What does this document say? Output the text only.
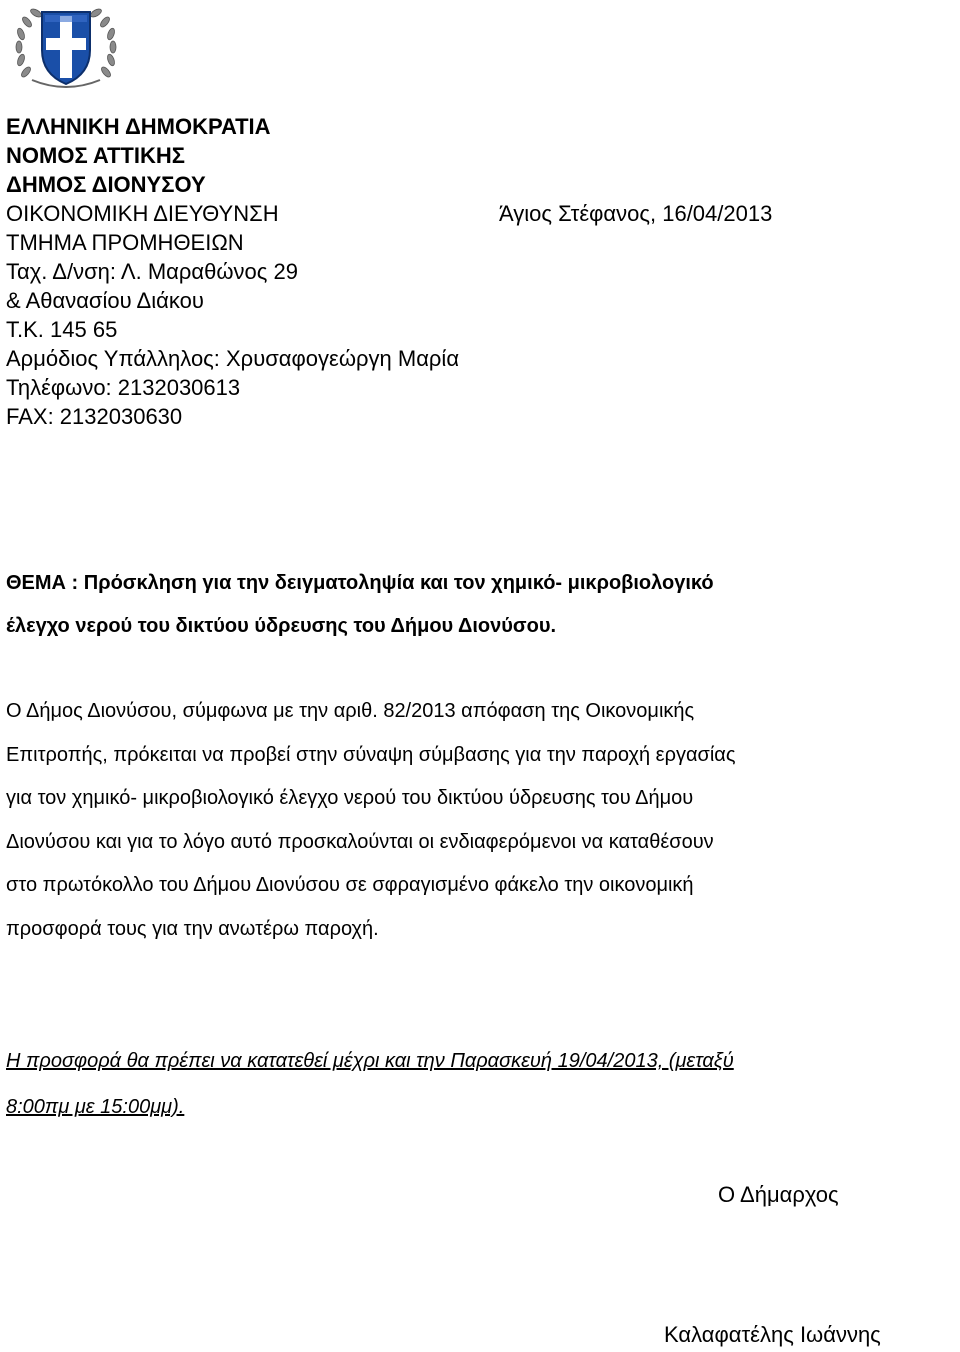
ΕΛΛΗΝΙΚΗ ΔΗΜΟΚΡΑΤΙΑ
ΝΟΜΟΣ ΑΤΤΙΚΗΣ
ΔΗΜΟΣ ΔΙΟΝΥΣΟΥ
ΟΙΚΟΝΟΜΙΚΗ ΔΙΕΥΘΥΝΣΗ
ΤΜΗΜΑ ΠΡΟΜΗΘΕΙΩΝ
Ταχ. Δ/νση: Λ. Μαραθώνος 29
& Αθανασίου Διάκου
Τ.Κ. 145 65
Αρμόδιος Υπάλληλος: Χρυσαφογεώργη Μαρία
Τηλέφωνο: 2132030613
FAX: 2132030630
Άγιος Στέφανος, 16/04/2013
ΘΕΜΑ : Πρόσκληση για την δειγματοληψία και τον χημικό- μικροβιολογικό
έλεγχο νερού του δικτύου ύδρευσης του Δήμου Διονύσου.
Ο Δήμος Διονύσου, σύμφωνα με την αριθ. 82/2013 απόφαση της Οικονομικής
Επιτροπής, πρόκειται να προβεί στην σύναψη σύμβασης για την παροχή εργασίας
για τον χημικό- μικροβιολογικό έλεγχο νερού του δικτύου ύδρευσης του Δήμου
Διονύσου και για το λόγο αυτό προσκαλούνται οι ενδιαφερόμενοι να καταθέσουν
στο πρωτόκολλο του Δήμου Διονύσου σε σφραγισμένο φάκελο την οικονομική
προσφορά τους για την ανωτέρω παροχή.
Η προσφορά θα πρέπει να κατατεθεί μέχρι και την Παρασκευή 19/04/2013, (μεταξύ
8:00πμ με 15:00μμ).
Ο Δήμαρχος
Καλαφατέλης Ιωάννης
